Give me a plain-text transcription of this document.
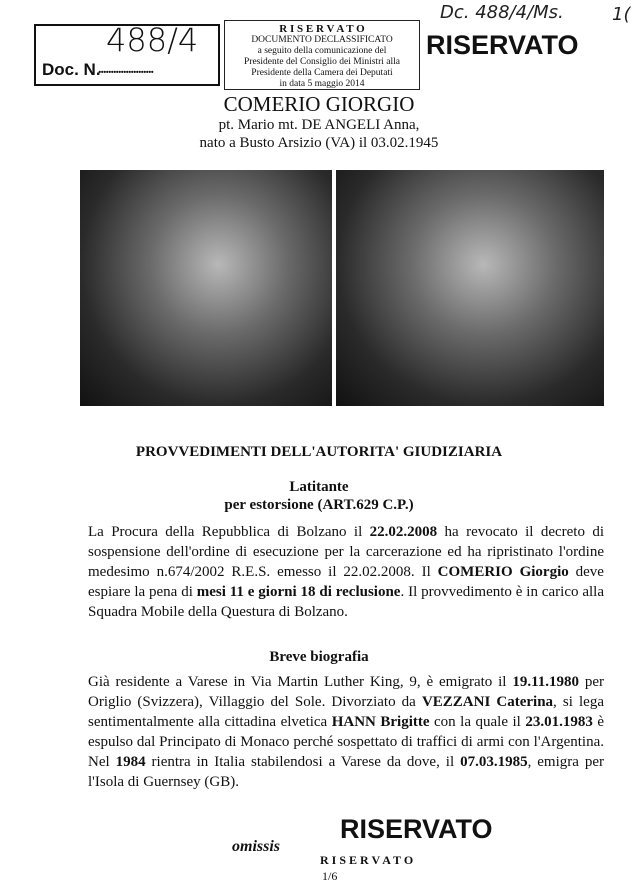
Dc. 488/4/Ms.	1(
488/4
Doc. N.
......................
R I S E R V A T O
DOCUMENTO DECLASSIFICATO
a seguito della comunicazione del
Presidente del Consiglio dei Ministri alla
Presidente della Camera dei Deputati
in data 5 maggio 2014
RISERVATO
COMERIO GIORGIO
pt. Mario mt. DE ANGELI Anna,
nato a Busto Arsizio (VA) il 03.02.1945
PROVVEDIMENTI DELL'AUTORITA' GIUDIZIARIA
Latitante
per estorsione (ART.629 C.P.)
La Procura della Repubblica di Bolzano il 22.02.2008 ha revocato il decreto di sospensione dell'ordine di esecuzione per la carcerazione ed ha ripristinato l'ordine medesimo n.674/2002 R.E.S. emesso il 22.02.2008. Il COMERIO Giorgio deve espiare la pena di mesi 11 e giorni 18 di reclusione. Il provvedimento è in carico alla Squadra Mobile della Questura di Bolzano.
Breve biografia
Già residente a Varese in Via Martin Luther King, 9, è emigrato il 19.11.1980 per Origlio (Svizzera), Villaggio del Sole. Divorziato da VEZZANI Caterina, si lega sentimentalmente alla cittadina elvetica HANN Brigitte con la quale il 23.01.1983 è espulso dal Principato di Monaco perché sospettato di traffici di armi con l'Argentina. Nel 1984 rientra in Italia stabilendosi a Varese da dove, il 07.03.1985, emigra per l'Isola di Guernsey (GB).
RISERVATO
omissis
R I S E R V A T O
1/6
